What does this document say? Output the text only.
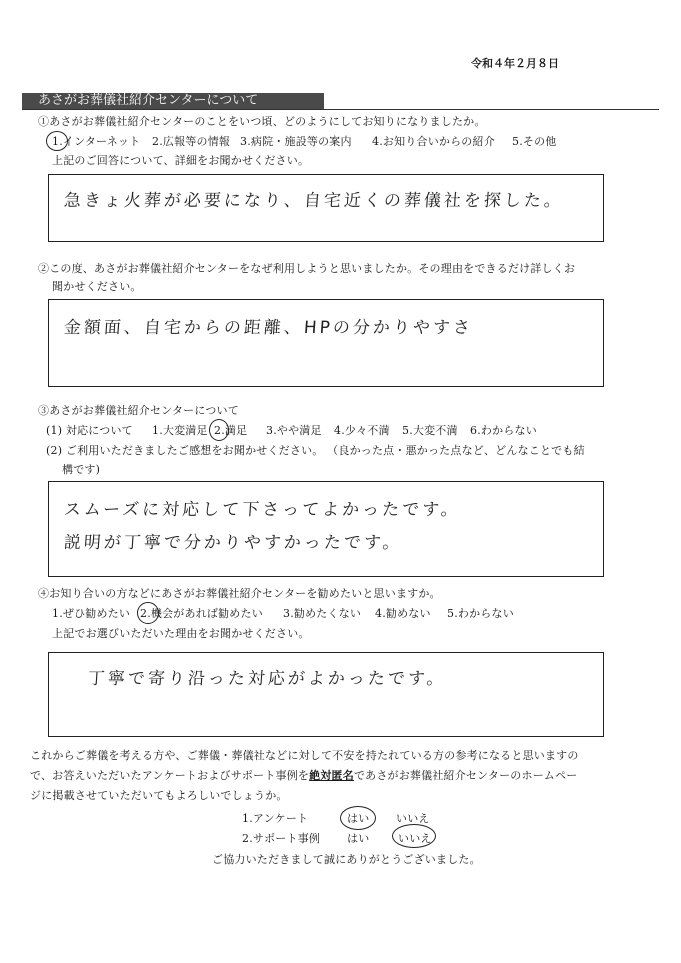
令和４年２月８日
あさがお葬儀社紹介センターについて
①あさがお葬儀社紹介センターのことをいつ頃、どのようにしてお知りになりましたか。
1.インターネット 2.広報等の情報 3.病院・施設等の案内 4.お知り合いからの紹介 5.その他
上記のご回答について、詳細をお聞かせください。
急きょ火葬が必要になり、自宅近くの葬儀社を探した。
②この度、あさがお葬儀社紹介センターをなぜ利用しようと思いましたか。その理由をできるだけ詳しくお
聞かせください。
金額面、自宅からの距離、HPの分かりやすさ
③あさがお葬儀社紹介センターについて
(1) 対応について 1.大変満足 2.満足 3.やや満足 4.少々不満 5.大変不満 6.わからない
(2) ご利用いただきましたご感想をお聞かせください。 （良かった点・悪かった点など、どんなことでも結
構です)
スムーズに対応して下さってよかったです。
説明が丁寧で分かりやすかったです。
④お知り合いの方などにあさがお葬儀社紹介センターを勧めたいと思いますか。
1.ぜひ勧めたい 2.機会があれば勧めたい 3.勧めたくない 4.勧めない 5.わからない
上記でお選びいただいた理由をお聞かせください。
丁寧で寄り沿った対応がよかったです。
これからご葬儀を考える方や、ご葬儀・葬儀社などに対して不安を持たれている方の参考になると思いますの
で、お答えいただいたアンケートおよびサポート事例を絶対匿名であさがお葬儀社紹介センターのホームペー
ジに掲載させていただいてもよろしいでしょうか。
1.アンケート	はい いいえ
2.サポート事例 はい	いいえ
ご協力いただきまして誠にありがとうございました。
